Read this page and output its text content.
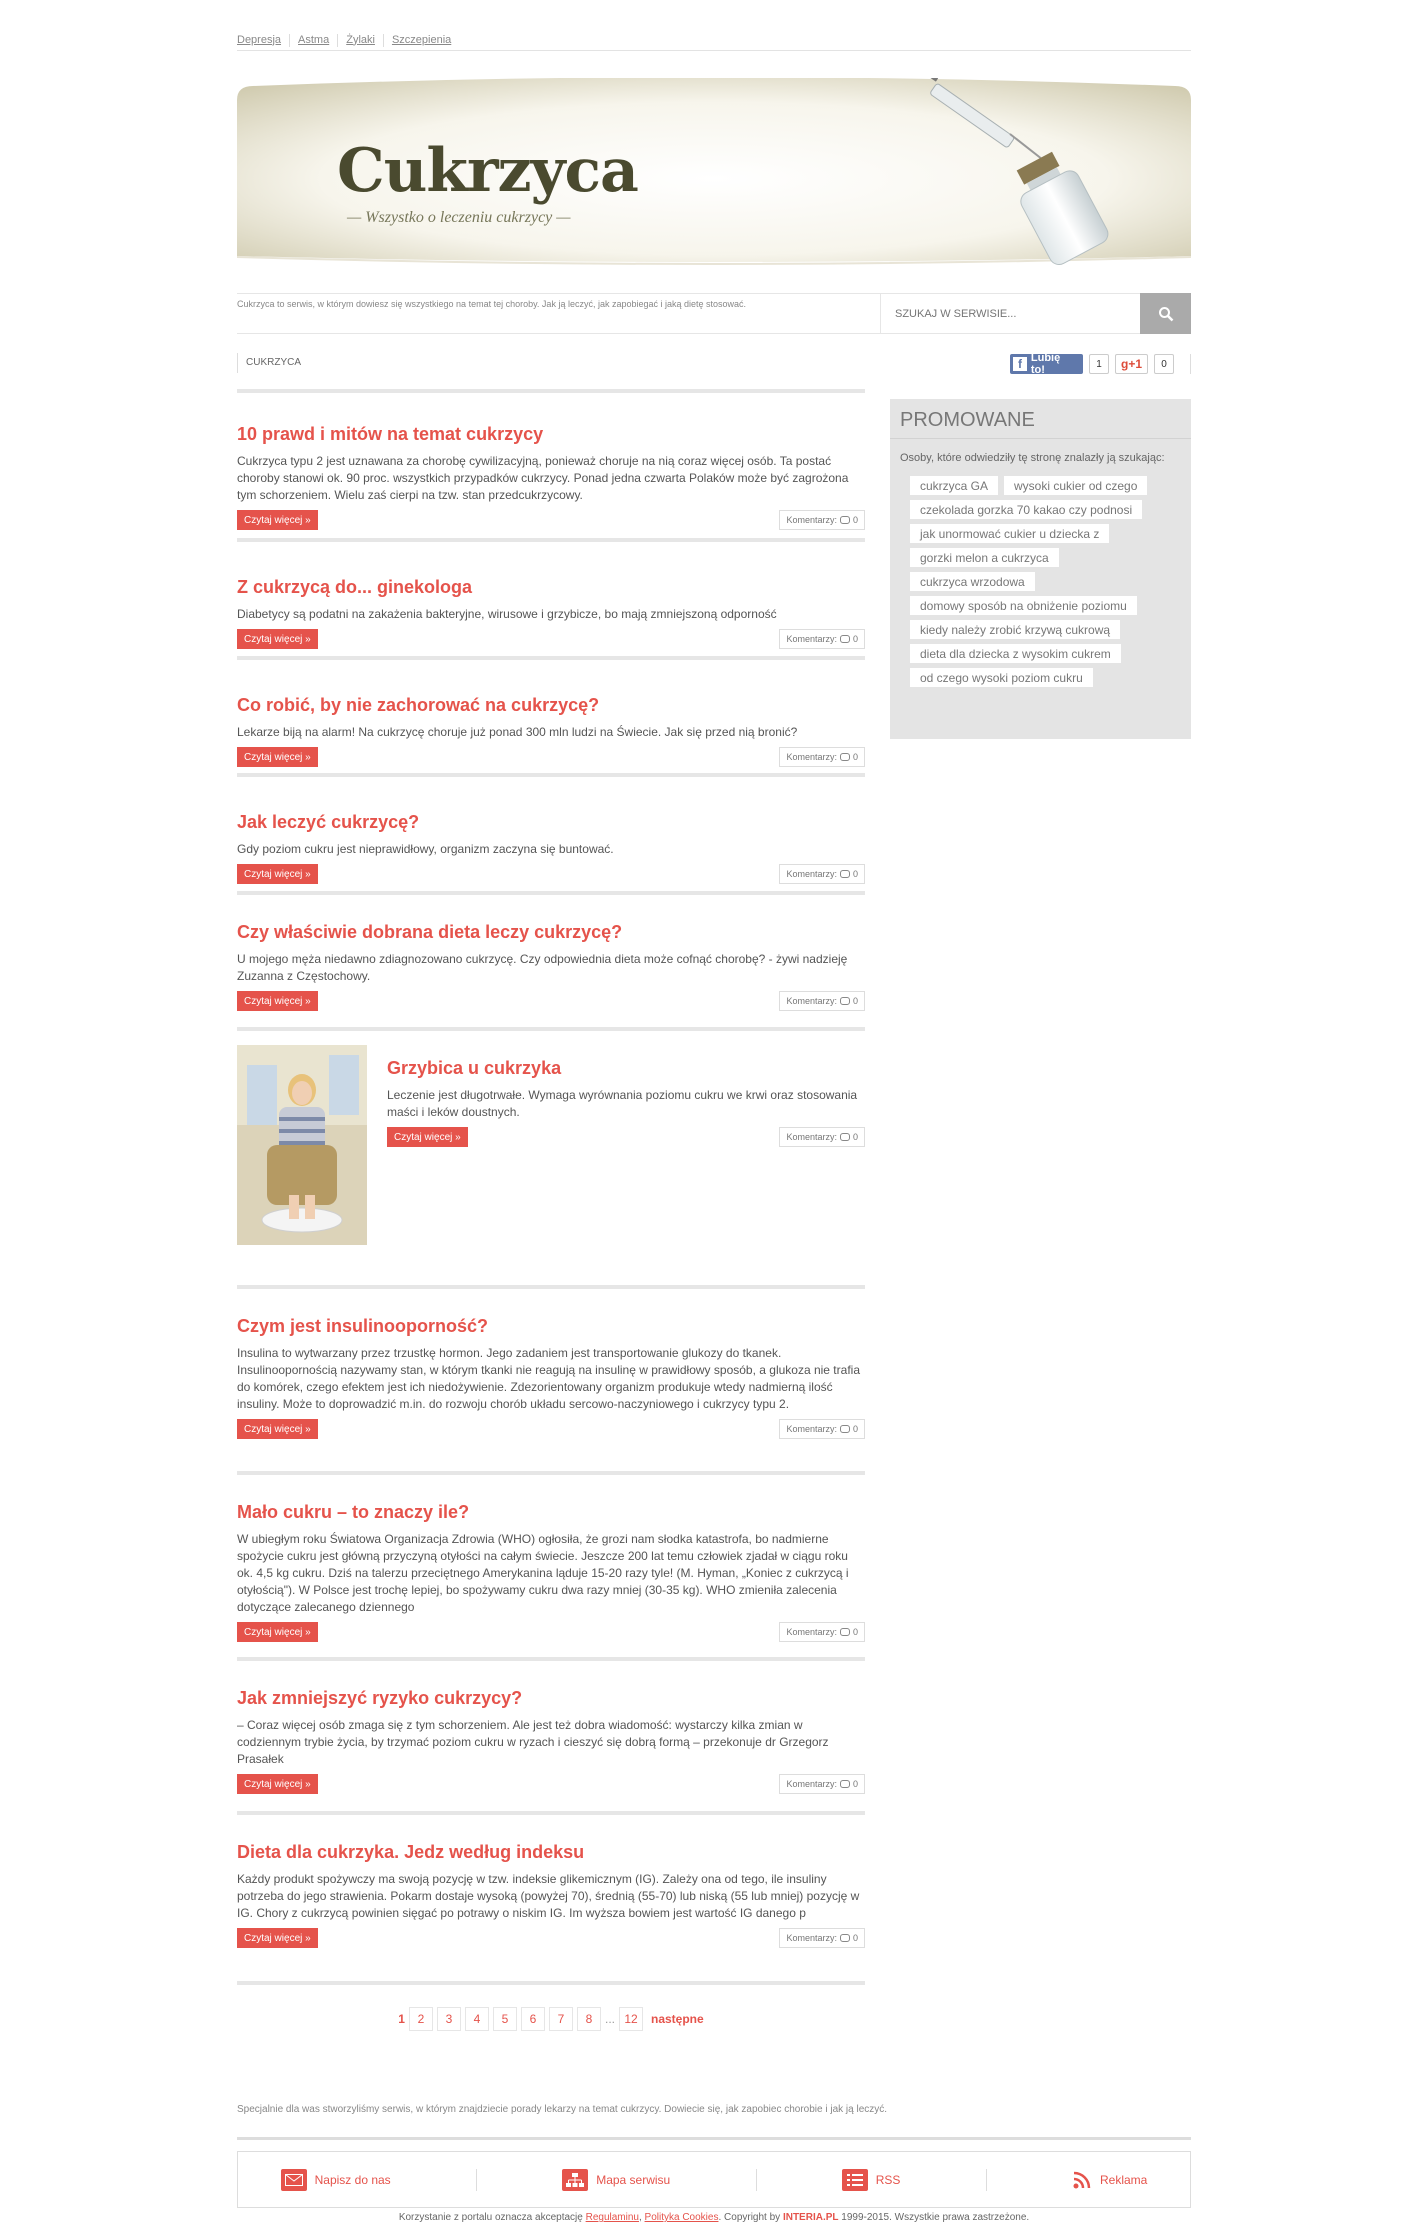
Depresja	Astma	Żylaki	Szczepienia
Cukrzyca
— Wszystko o leczeniu cukrzycy —
Cukrzyca to serwis, w którym dowiesz się wszystkiego na temat tej choroby. Jak ją leczyć, jak zapobiegać i jaką dietę stosować.
SZUKAJ W SERWISIE...
CUKRZYCA	f Lubię to!	1	g +1	0
10 prawd i mitów na temat cukrzycy

Cukrzyca typu 2 jest uznawana za chorobę cywilizacyjną, ponieważ choruje na nią coraz więcej osób. Ta postać choroby stanowi ok. 90 proc. wszystkich przypadków cukrzycy. Ponad jedna czwarta Polaków może być zagrożona tym schorzeniem. Wielu zaś cierpi na tzw. stan przedcukrzycowy.

Czytaj więcej »	Komentarzy: 0
Z cukrzycą do... ginekologa

Diabetycy są podatni na zakażenia bakteryjne, wirusowe i grzybicze, bo mają zmniejszoną odporność

Czytaj więcej »	Komentarzy: 0
Co robić, by nie zachorować na cukrzycę?

Lekarze biją na alarm! Na cukrzycę choruje już ponad 300 mln ludzi na Świecie. Jak się przed nią bronić?

Czytaj więcej »	Komentarzy: 0
Jak leczyć cukrzycę?

Gdy poziom cukru jest nieprawidłowy, organizm zaczyna się buntować.

Czytaj więcej »	Komentarzy: 0
Czy właściwie dobrana dieta leczy cukrzycę?

U mojego męża niedawno zdiagnozowano cukrzycę. Czy odpowiednia dieta może cofnąć chorobę? - żywi nadzieję Zuzanna z Częstochowy.

Czytaj więcej »	Komentarzy: 0
Grzybica u cukrzyka

Leczenie jest długotrwałe. Wymaga wyrównania poziomu cukru we krwi oraz stosowania maści i leków doustnych.

Czytaj więcej »	Komentarzy: 0
Czym jest insulinooporność?

Insulina to wytwarzany przez trzustkę hormon. Jego zadaniem jest transportowanie glukozy do tkanek. Insulinoopornością nazywamy stan, w którym tkanki nie reagują na insulinę w prawidłowy sposób, a glukoza nie trafia do komórek, czego efektem jest ich niedożywienie. Zdezorientowany organizm produkuje wtedy nadmierną ilość insuliny. Może to doprowadzić m.in. do rozwoju chorób układu sercowo-naczyniowego i cukrzycy typu 2.

Czytaj więcej »	Komentarzy: 0
Mało cukru – to znaczy ile?

W ubiegłym roku Światowa Organizacja Zdrowia (WHO) ogłosiła, że grozi nam słodka katastrofa, bo nadmierne spożycie cukru jest główną przyczyną otyłości na całym świecie. Jeszcze 200 lat temu człowiek zjadał w ciągu roku ok. 4,5 kg cukru. Dziś na talerzu przeciętnego Amerykanina ląduje 15-20 razy tyle! (M. Hyman, „Koniec z cukrzycą i otyłością"). W Polsce jest trochę lepiej, bo spożywamy cukru dwa razy mniej (30-35 kg). WHO zmieniła zalecenia dotyczące zalecanego dziennego

Czytaj więcej »	Komentarzy: 0
Jak zmniejszyć ryzyko cukrzycy?

– Coraz więcej osób zmaga się z tym schorzeniem. Ale jest też dobra wiadomość: wystarczy kilka zmian w codziennym trybie życia, by trzymać poziom cukru w ryzach i cieszyć się dobrą formą – przekonuje dr Grzegorz Prasałek

Czytaj więcej »	Komentarzy: 0
Dieta dla cukrzyka. Jedz według indeksu

Każdy produkt spożywczy ma swoją pozycję w tzw. indeksie glikemicznym (IG). Zależy ona od tego, ile insuliny potrzeba do jego strawienia. Pokarm dostaje wysoką (powyżej 70), średnią (55-70) lub niską (55 lub mniej) pozycję w IG. Chory z cukrzycą powinien sięgać po potrawy o niskim IG. Im wyższa bowiem jest wartość IG danego p

Czytaj więcej »	Komentarzy: 0
1	2	3	4	5	6	7	8	... 12	następne
PROMOWANE
Osoby, które odwiedziły tę stronę znalazły ją szukając:
cukrzyca GA	wysoki cukier od czego
czekolada gorzka 70 kakao czy podnosi
jak unormować cukier u dziecka z
gorzki melon a cukrzyca
cukrzyca wrzodowa
domowy sposób na obniżenie poziomu
kiedy należy zrobić krzywą cukrową
dieta dla dziecka z wysokim cukrem
od czego wysoki poziom cukru
Specjalnie dla was stworzyliśmy serwis, w którym znajdziecie porady lekarzy na temat cukrzycy. Dowiecie się, jak zapobiec chorobie i jak ją leczyć.
Napisz do nas	Mapa serwisu	RSS	Reklama
Korzystanie z portalu oznacza akceptację Regulaminu, Polityka Cookies. Copyright by INTERIA.PL 1999-2015. Wszystkie prawa zastrzeżone.
